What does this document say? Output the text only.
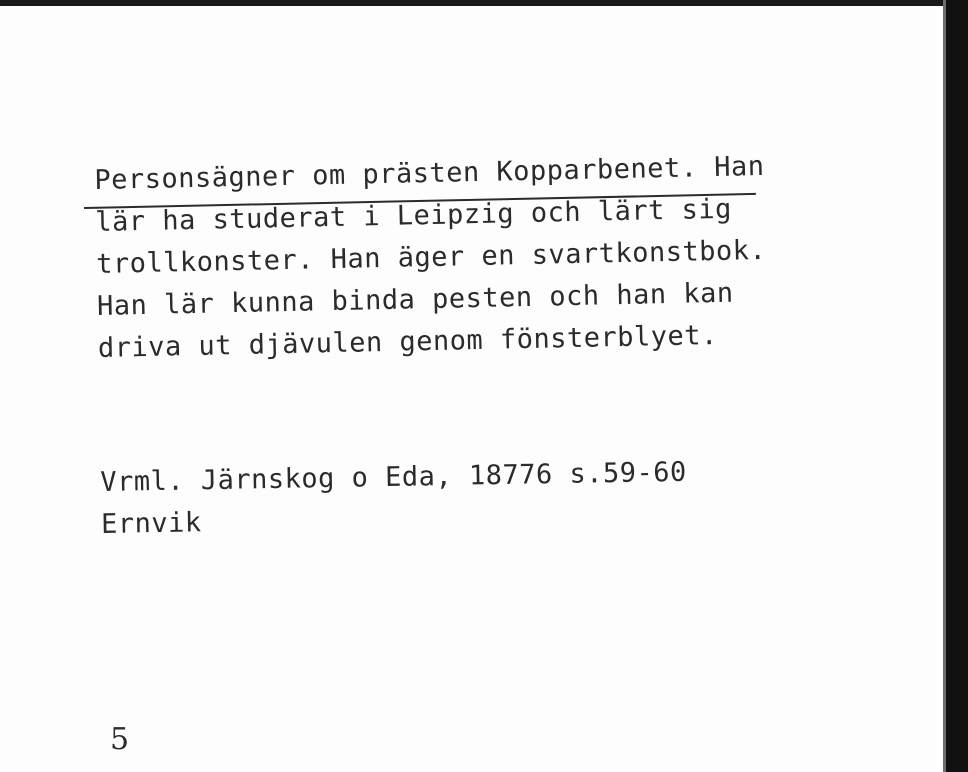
Personsägner om prästen Kopparbenet. Han
lär ha studerat i Leipzig och lärt sig
trollkonster. Han äger en svartkonstbok.
Han lär kunna binda pesten och han kan
driva ut djävulen genom fönsterblyet.
Vrml. Järnskog o Eda, 18776 s.59-60
Ernvik
5
